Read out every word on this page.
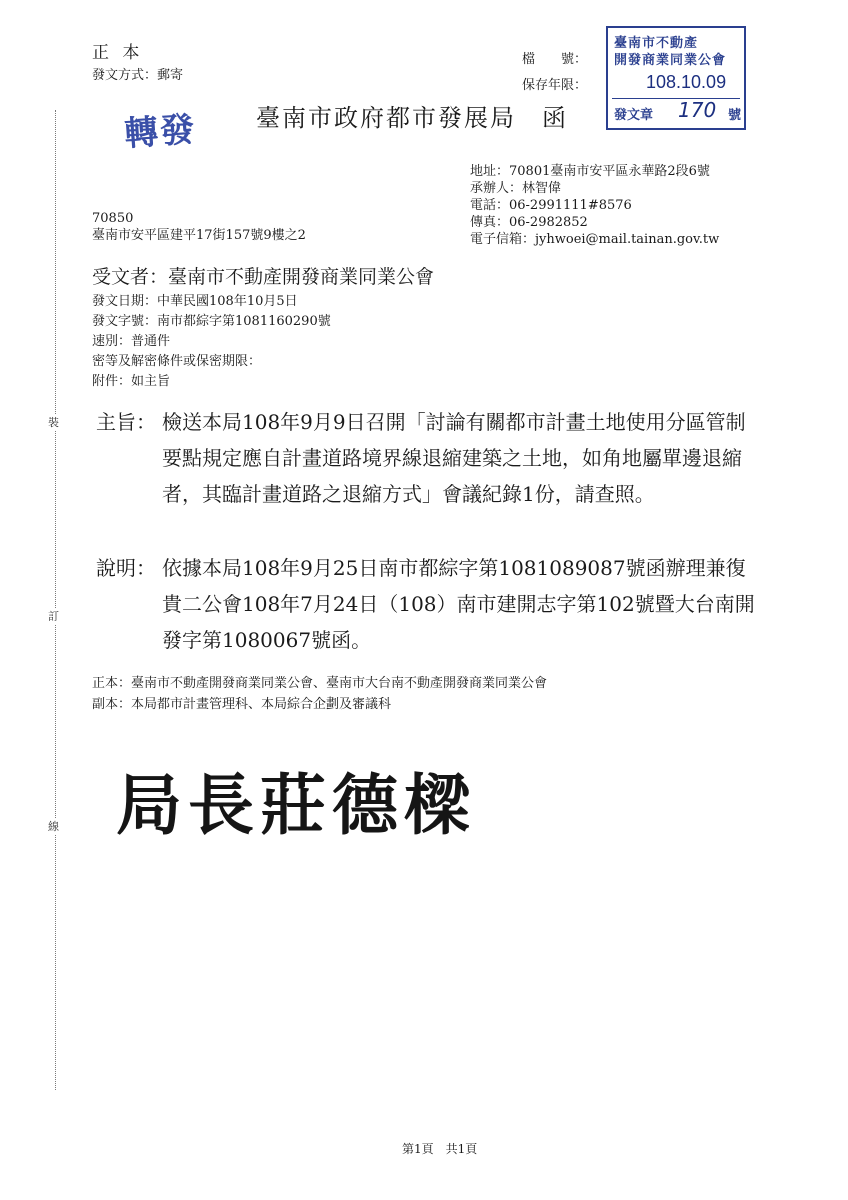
裝
訂
線
正 本
發文方式：郵寄
檔　　號：
保存年限：
臺南市不動產
開發商業同業公會
108.10.09
發文章 170 號
轉發 臺南市政府都市發展局　函
地址：70801臺南市安平區永華路2段6號
承辦人：林智偉
電話：06-2991111#8576
傳真：06-2982852
電子信箱：jyhwoei@mail.tainan.gov.tw
70850
臺南市安平區建平17街157號9樓之2
受文者：臺南市不動產開發商業同業公會
發文日期：中華民國108年10月5日
發文字號：南市都綜字第1081160290號
速別：普通件
密等及解密條件或保密期限：
附件：如主旨
主旨： 檢送本局108年9月9日召開「討論有關都市計畫土地使用分區管制要點規定應自計畫道路境界線退縮建築之土地，如角地屬單邊退縮者，其臨計畫道路之退縮方式」會議紀錄1份，請查照。
說明： 依據本局108年9月25日南市都綜字第1081089087號函辦理兼復貴二公會108年7月24日（108）南市建開志字第102號暨大台南開發字第1080067號函。
正本：臺南市不動產開發商業同業公會、臺南市大台南不動產開發商業同業公會
副本：本局都市計畫管理科、本局綜合企劃及審議科
局長莊德樑
第1頁　共1頁
